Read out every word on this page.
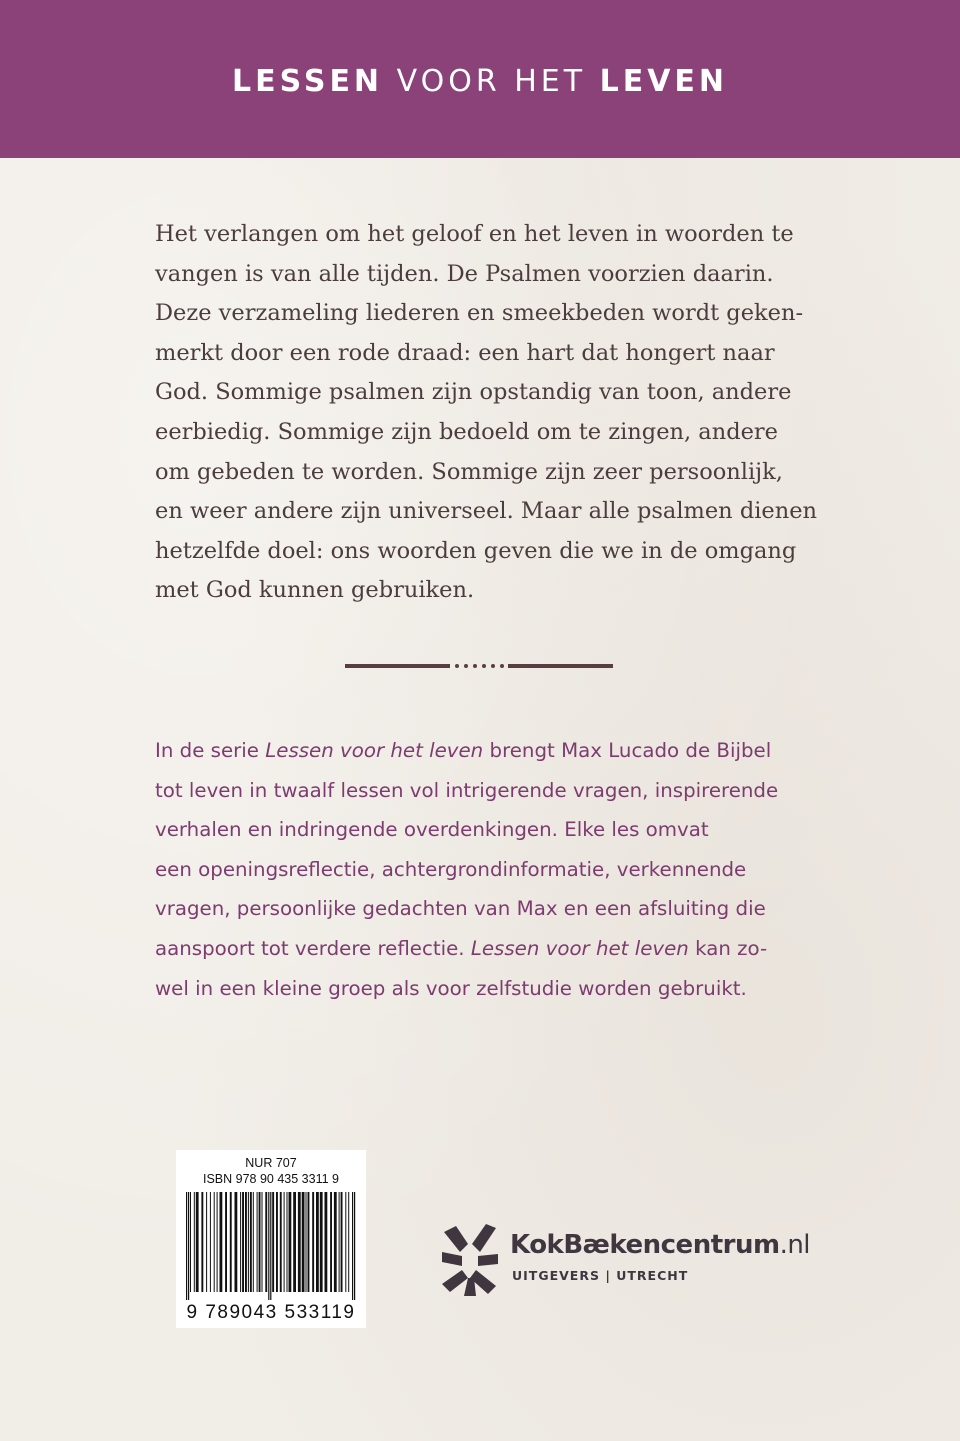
LESSEN VOOR HET LEVEN
Het verlangen om het geloof en het leven in woorden te
vangen is van alle tijden. De Psalmen voorzien daarin.
Deze verzameling liederen en smeekbeden wordt geken-
merkt door een rode draad: een hart dat hongert naar
God. Sommige psalmen zijn opstandig van toon, andere
eerbiedig. Sommige zijn bedoeld om te zingen, andere
om gebeden te worden. Sommige zijn zeer persoonlijk,
en weer andere zijn universeel. Maar alle psalmen dienen
hetzelfde doel: ons woorden geven die we in de omgang
met God kunnen gebruiken.
In de serie Lessen voor het leven brengt Max Lucado de Bijbel
tot leven in twaalf lessen vol intrigerende vragen, inspirerende
verhalen en indringende overdenkingen. Elke les omvat
een openingsreflectie, achtergrondinformatie, verkennende
vragen, persoonlijke gedachten van Max en een afsluiting die
aanspoort tot verdere reflectie. Lessen voor het leven kan zo-
wel in een kleine groep als voor zelfstudie worden gebruikt.
NUR 707
ISBN 978 90 435 3311 9
9 789043 533119
KokBækencentrum.nl
UITGEVERS | UTRECHT
